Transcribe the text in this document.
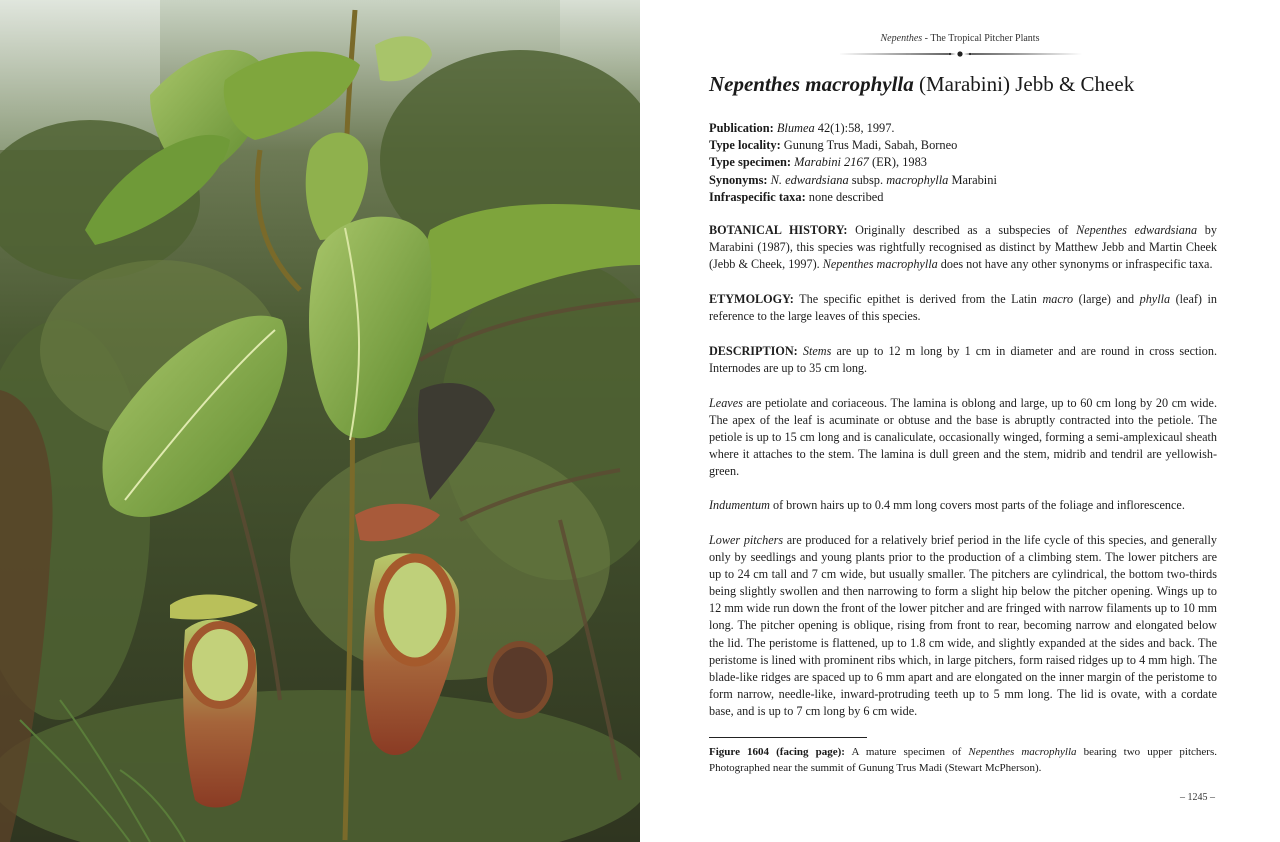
Nepenthes - The Tropical Pitcher Plants
Nepenthes macrophylla (Marabini) Jebb & Cheek
Publication: Blumea 42(1):58, 1997.
Type locality: Gunung Trus Madi, Sabah, Borneo
Type specimen: Marabini 2167 (ER), 1983
Synonyms: N. edwardsiana subsp. macrophylla Marabini
Infraspecific taxa: none described
BOTANICAL HISTORY: Originally described as a subspecies of Nepenthes edwardsiana by Marabini (1987), this species was rightfully recognised as distinct by Matthew Jebb and Martin Cheek (Jebb & Cheek, 1997). Nepenthes macrophylla does not have any other synonyms or infraspecific taxa.
ETYMOLOGY: The specific epithet is derived from the Latin macro (large) and phylla (leaf) in reference to the large leaves of this species.
DESCRIPTION: Stems are up to 12 m long by 1 cm in diameter and are round in cross section. Internodes are up to 35 cm long.
Leaves are petiolate and coriaceous. The lamina is oblong and large, up to 60 cm long by 20 cm wide. The apex of the leaf is acuminate or obtuse and the base is abruptly contracted into the petiole. The petiole is up to 15 cm long and is canaliculate, occasionally winged, forming a semi-amplexicaul sheath where it attaches to the stem. The lamina is dull green and the stem, midrib and tendril are yellowish-green.
Indumentum of brown hairs up to 0.4 mm long covers most parts of the foliage and inflorescence.
Lower pitchers are produced for a relatively brief period in the life cycle of this species, and generally only by seedlings and young plants prior to the production of a climbing stem. The lower pitchers are up to 24 cm tall and 7 cm wide, but usually smaller. The pitchers are cylindrical, the bottom two-thirds being slightly swollen and then narrowing to form a slight hip below the pitcher opening. Wings up to 12 mm wide run down the front of the lower pitcher and are fringed with narrow filaments up to 10 mm long. The pitcher opening is oblique, rising from front to rear, becoming narrow and elongated below the lid. The peristome is flattened, up to 1.8 cm wide, and slightly expanded at the sides and back. The peristome is lined with prominent ribs which, in large pitchers, form raised ridges up to 4 mm high. The blade-like ridges are spaced up to 6 mm apart and are elongated on the inner margin of the peristome to form narrow, needle-like, inward-protruding teeth up to 5 mm long. The lid is ovate, with a cordate base, and is up to 7 cm long by 6 cm wide.
Figure 1604 (facing page): A mature specimen of Nepenthes macrophylla bearing two upper pitchers. Photographed near the summit of Gunung Trus Madi (Stewart McPherson).
– 1245 –
